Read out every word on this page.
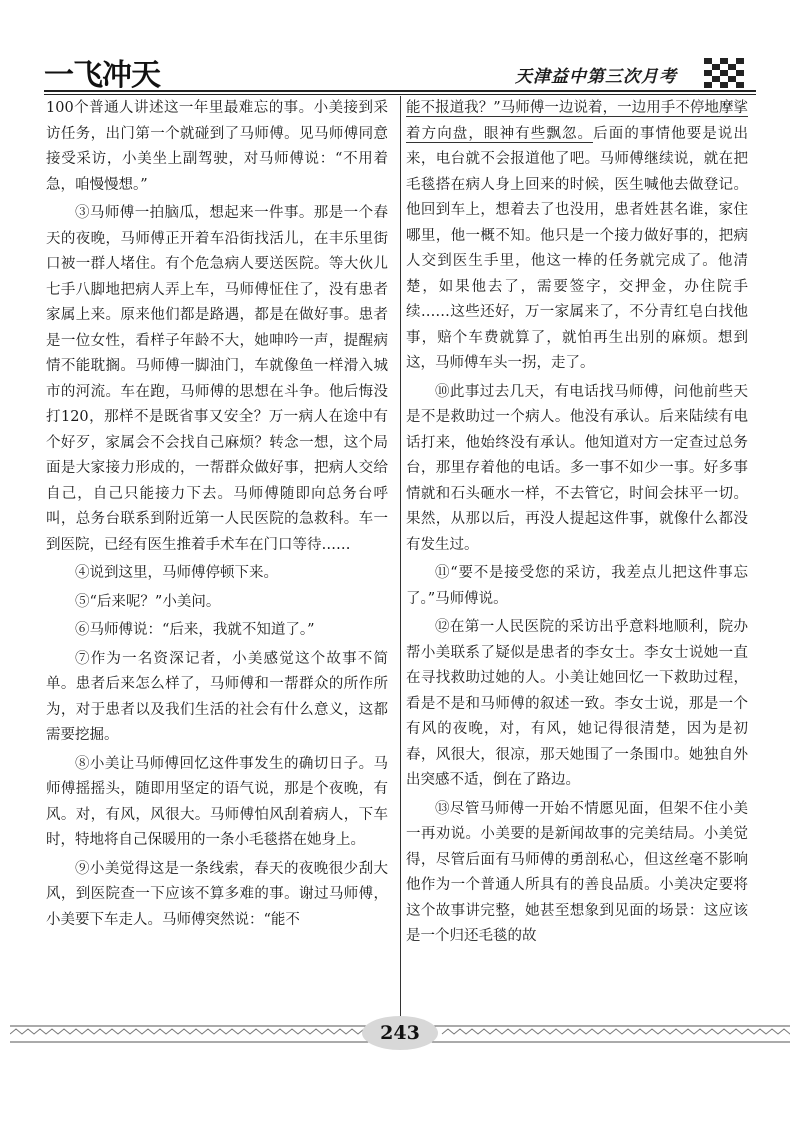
一飞冲天	天津益中第三次月考

100个普通人讲述这一年里最难忘的事。小美接到采访任务，出门第一个就碰到了马师傅。见马师傅同意接受采访，小美坐上副驾驶，对马师傅说：“不用着急，咱慢慢想。”

③马师傅一拍脑瓜，想起来一件事。那是一个春天的夜晚，马师傅正开着车沿街找活儿，在丰乐里街口被一群人堵住。有个危急病人要送医院。等大伙儿七手八脚地把病人弄上车，马师傅怔住了，没有患者家属上来。原来他们都是路遇，都是在做好事。患者是一位女性，看样子年龄不大，她呻吟一声，提醒病情不能耽搁。马师傅一脚油门，车就像鱼一样滑入城市的河流。车在跑，马师傅的思想在斗争。他后悔没打120，那样不是既省事又安全？万一病人在途中有个好歹，家属会不会找自己麻烦？转念一想，这个局面是大家接力形成的，一帮群众做好事，把病人交给自己，自己只能接力下去。马师傅随即向总务台呼叫，总务台联系到附近第一人民医院的急救科。车一到医院，已经有医生推着手术车在门口等待……

④说到这里，马师傅停顿下来。

⑤“后来呢？”小美问。

⑥马师傅说：“后来，我就不知道了。”

⑦作为一名资深记者，小美感觉这个故事不简单。患者后来怎么样了，马师傅和一帮群众的所作所为，对于患者以及我们生活的社会有什么意义，这都需要挖掘。

⑧小美让马师傅回忆这件事发生的确切日子。马师傅摇摇头，随即用坚定的语气说，那是个夜晚，有风。对，有风，风很大。马师傅怕风刮着病人，下车时，特地将自己保暖用的一条小毛毯搭在她身上。

⑨小美觉得这是一条线索，春天的夜晚很少刮大风，到医院查一下应该不算多难的事。谢过马师傅，小美要下车走人。马师傅突然说：“能不

能不报道我？”马师傅一边说着，一边用手不停地摩挲着方向盘，眼神有些飘忽。后面的事情他要是说出来，电台就不会报道他了吧。马师傅继续说，就在把毛毯搭在病人身上回来的时候，医生喊他去做登记。他回到车上，想着去了也没用，患者姓甚名谁，家住哪里，他一概不知。他只是一个接力做好事的，把病人交到医生手里，他这一棒的任务就完成了。他清楚，如果他去了，需要签字，交押金，办住院手续……这些还好，万一家属来了，不分青红皂白找他事，赔个车费就算了，就怕再生出别的麻烦。想到这，马师傅车头一拐，走了。

⑩此事过去几天，有电话找马师傅，问他前些天是不是救助过一个病人。他没有承认。后来陆续有电话打来，他始终没有承认。他知道对方一定查过总务台，那里存着他的电话。多一事不如少一事。好多事情就和石头砸水一样，不去管它，时间会抹平一切。果然，从那以后，再没人提起这件事，就像什么都没有发生过。

⑪“要不是接受您的采访，我差点儿把这件事忘了。”马师傅说。

⑫在第一人民医院的采访出乎意料地顺利，院办帮小美联系了疑似是患者的李女士。李女士说她一直在寻找救助过她的人。小美让她回忆一下救助过程，看是不是和马师傅的叙述一致。李女士说，那是一个有风的夜晚，对，有风，她记得很清楚，因为是初春，风很大，很凉，那天她围了一条围巾。她独自外出突感不适，倒在了路边。

⑬尽管马师傅一开始不情愿见面，但架不住小美一再劝说。小美要的是新闻故事的完美结局。小美觉得，尽管后面有马师傅的勇剖私心，但这丝毫不影响他作为一个普通人所具有的善良品质。小美决定要将这个故事讲完整，她甚至想象到见面的场景：这应该是一个归还毛毯的故

243
